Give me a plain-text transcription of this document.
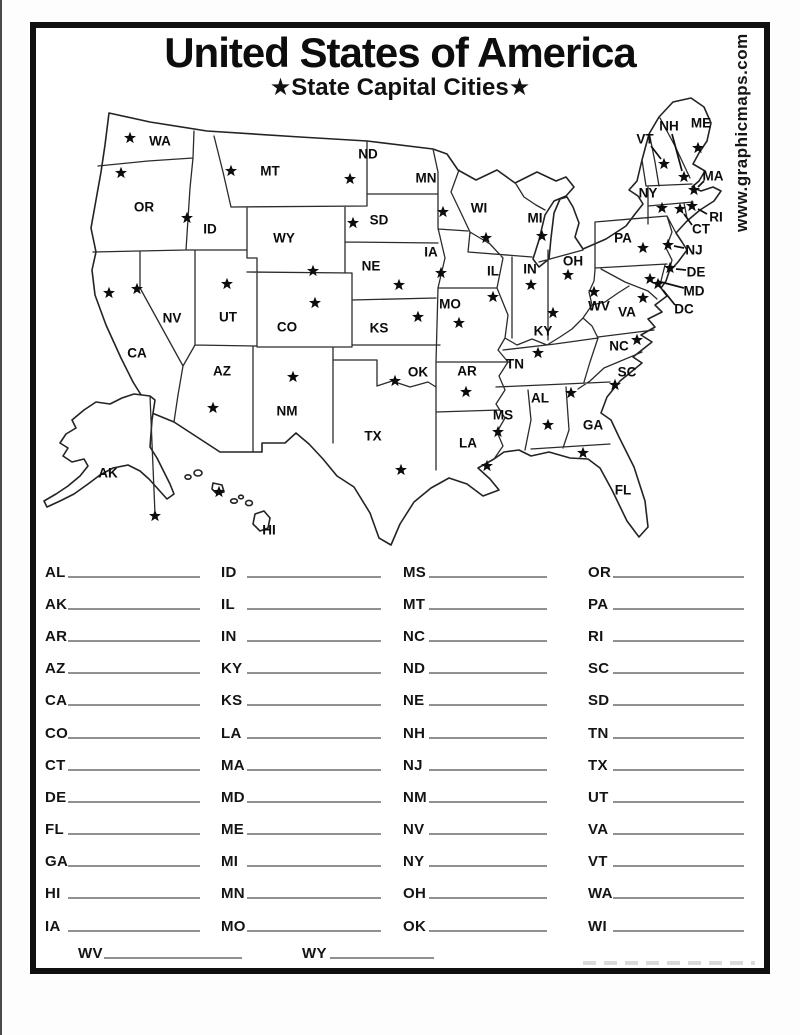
United States of America
★State Capital Cities★	www.graphicmaps.com
WA
OR
CA
NV
ID
MT
WY
UT
CO
AZ
NM
ND
SD
NE
KS
OK
TX
MN
IA
MO
AR
LA
WI
IL
MI
IN
OH
KY
TN
MS
AL
GA
FL
SC
NC
VA
WV
PA
NY
ME
VT
NH
MA
RI
CT
NJ
DE
MD
DC
AK
HI
AL
AK
AR
AZ
CA
CO
CT
DE
FL
GA
HI
IA
ID
IL
IN
KY
KS
LA
MA
MD
ME
MI
MN
MO
MS
MT
NC
ND
NE
NH
NJ
NM
NV
NY
OH
OK
OR
PA
RI
SC
SD
TN
TX
UT
VA
VT
WA
WI
WV	WY
